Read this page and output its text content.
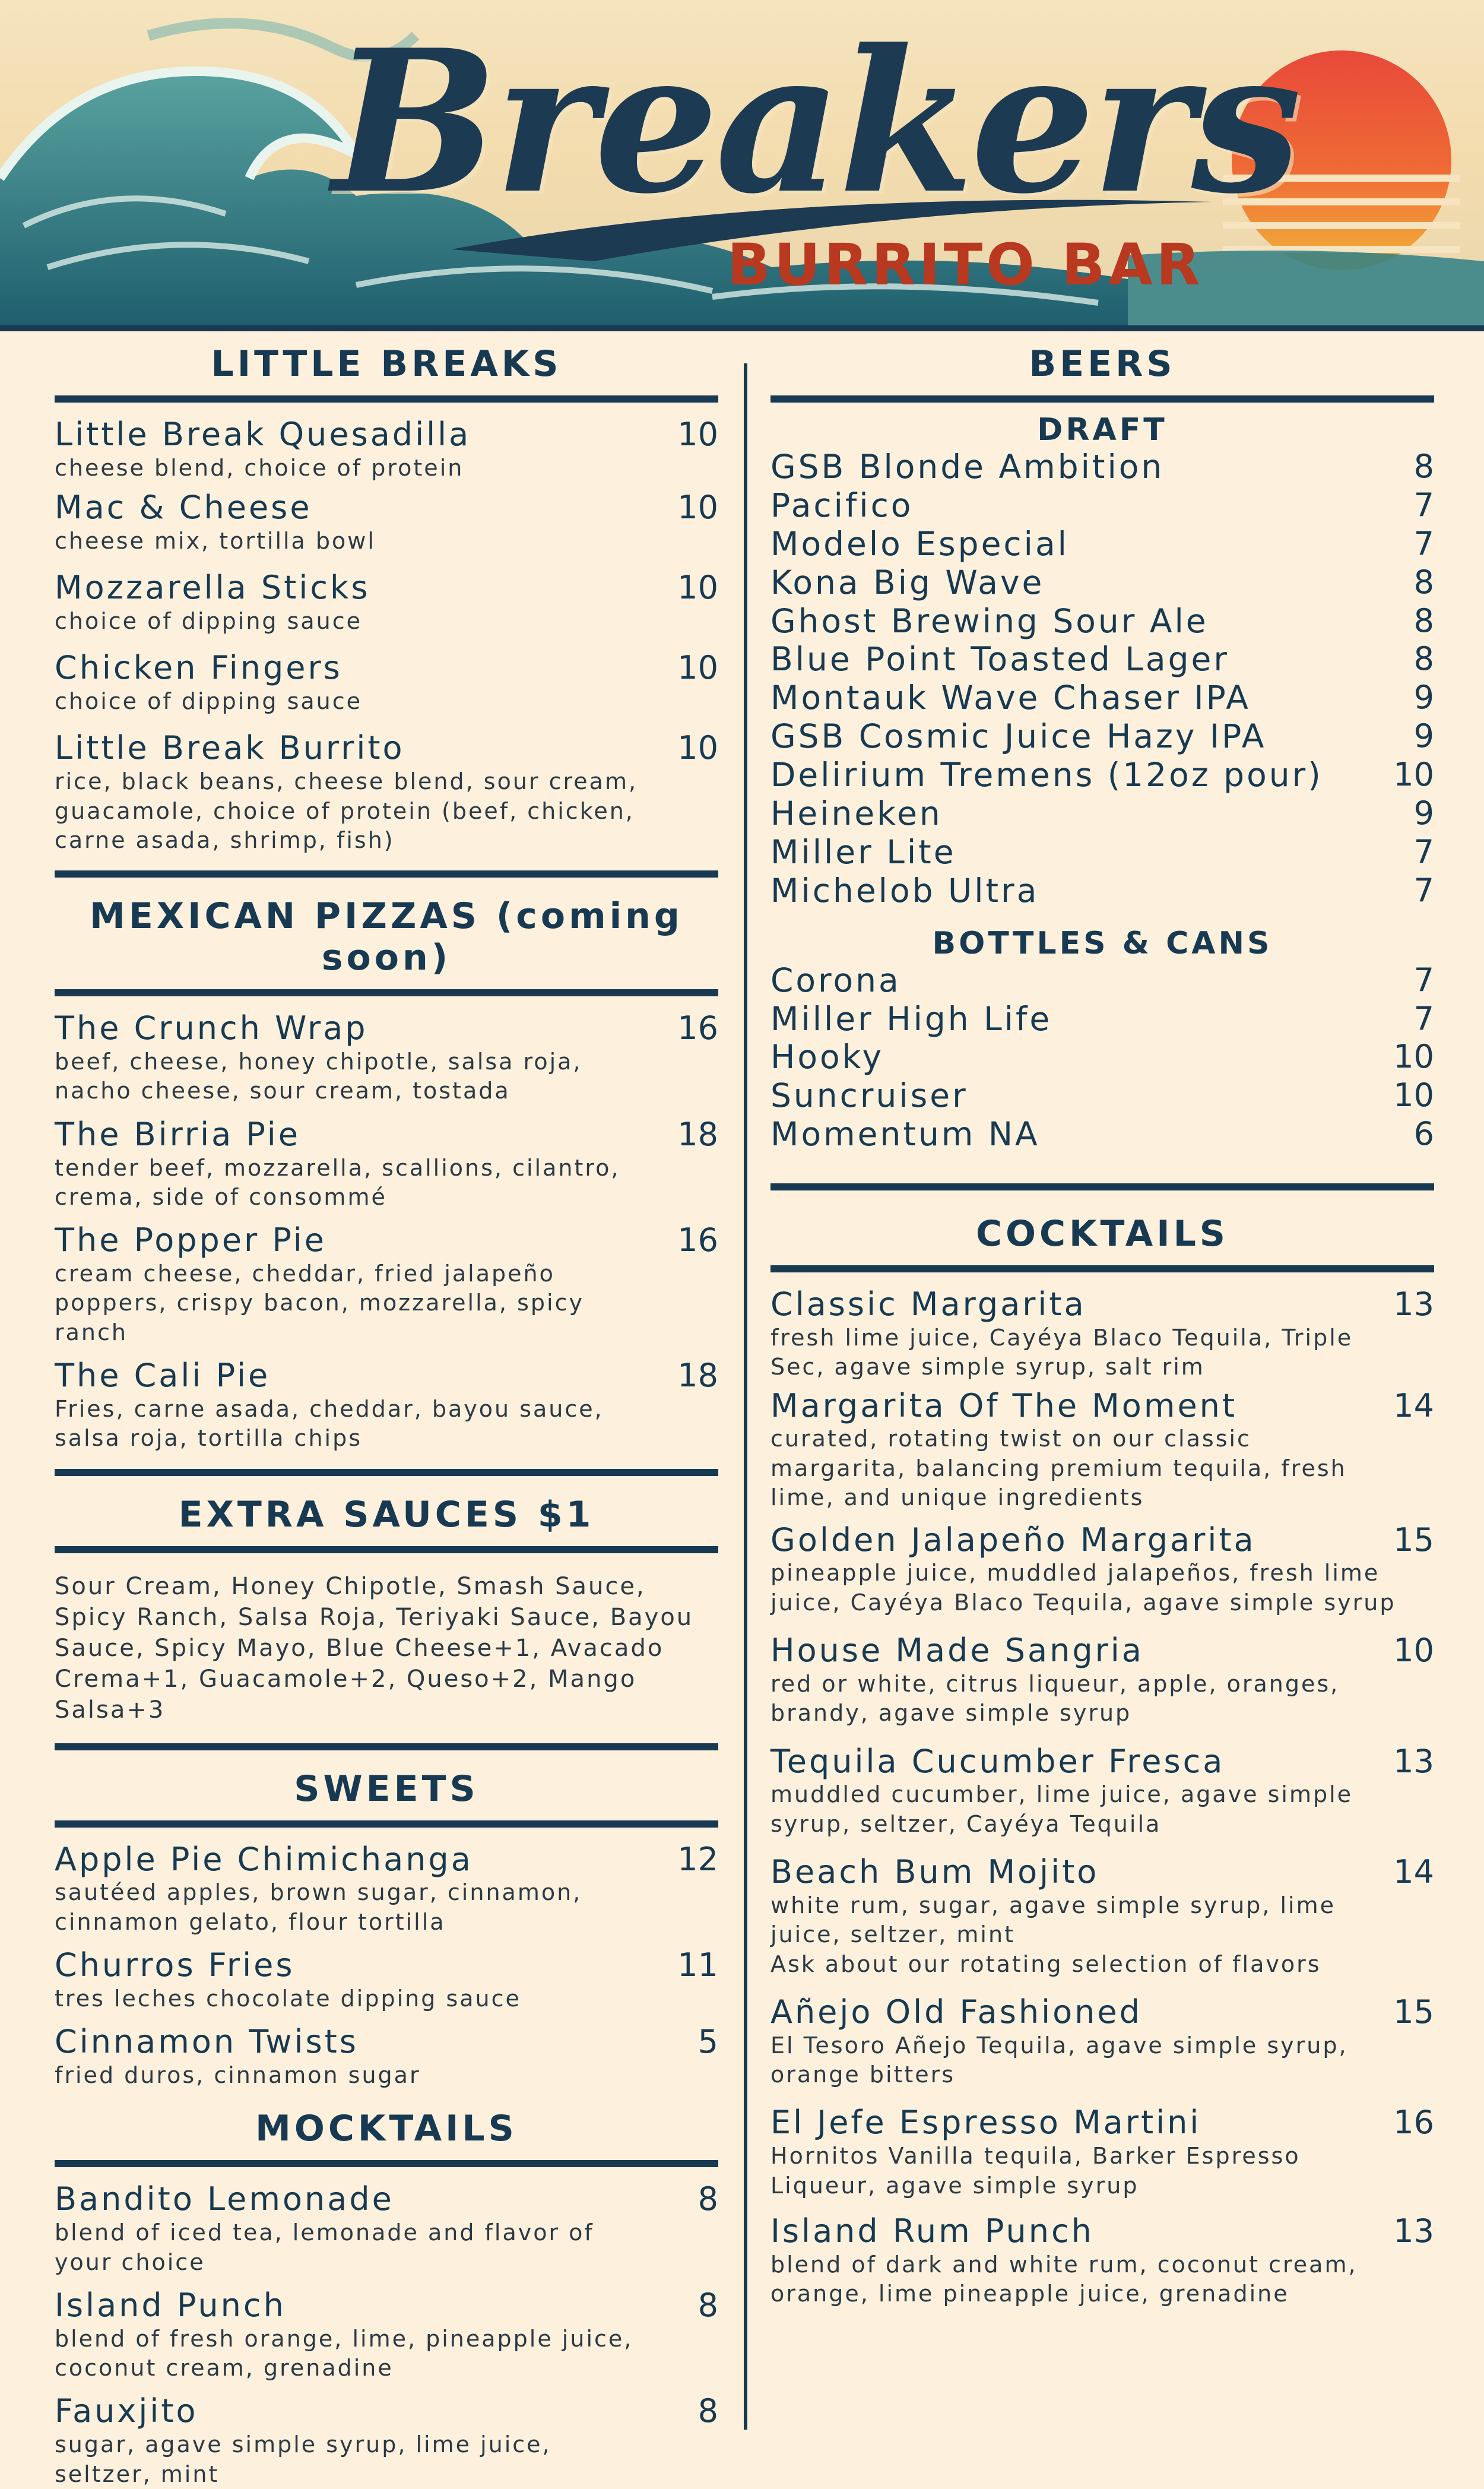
Breakers
BURRITO BAR
LITTLE BREAKS
Little Break Quesadilla	10
cheese blend, choice of protein
Mac & Cheese	10
cheese mix, tortilla bowl
Mozzarella Sticks	10
choice of dipping sauce
Chicken Fingers	10
choice of dipping sauce
Little Break Burrito	10
rice, black beans, cheese blend, sour cream, guacamole, choice of protein (beef, chicken, carne asada, shrimp, fish)
MEXICAN PIZZAS (coming soon)
The Crunch Wrap	16
beef, cheese, honey chipotle, salsa roja, nacho cheese, sour cream, tostada
The Birria Pie	18
tender beef, mozzarella, scallions, cilantro, crema, side of consommé
The Popper Pie	16
cream cheese, cheddar, fried jalapeño poppers, crispy bacon, mozzarella, spicy ranch
The Cali Pie	18
Fries, carne asada, cheddar, bayou sauce, salsa roja, tortilla chips
EXTRA SAUCES $1
Sour Cream, Honey Chipotle, Smash Sauce, Spicy Ranch, Salsa Roja, Teriyaki Sauce, Bayou Sauce, Spicy Mayo, Blue Cheese+1, Avacado Crema+1, Guacamole+2, Queso+2, Mango Salsa+3
SWEETS
Apple Pie Chimichanga	12
sautéed apples, brown sugar, cinnamon, cinnamon gelato, flour tortilla
Churros Fries	11
tres leches chocolate dipping sauce
Cinnamon Twists	5
fried duros, cinnamon sugar
MOCKTAILS
Bandito Lemonade	8
blend of iced tea, lemonade and flavor of your choice
Island Punch	8
blend of fresh orange, lime, pineapple juice, coconut cream, grenadine
Fauxjito	8
sugar, agave simple syrup, lime juice, seltzer, mint
BEERS
DRAFT
GSB Blonde Ambition	8
Pacifico	7
Modelo Especial	7
Kona Big Wave	8
Ghost Brewing Sour Ale	8
Blue Point Toasted Lager	8
Montauk Wave Chaser IPA	9
GSB Cosmic Juice Hazy IPA	9
Delirium Tremens (12oz pour) 10
Heineken	9
Miller Lite	7
Michelob Ultra	7
BOTTLES & CANS
Corona	7
Miller High Life	7
Hooky	10
Suncruiser	10
Momentum NA	6
COCKTAILS
Classic Margarita	13
fresh lime juice, Cayéya Blaco Tequila, Triple Sec, agave simple syrup, salt rim
Margarita Of The Moment	14
curated, rotating twist on our classic margarita, balancing premium tequila, fresh lime, and unique ingredients
Golden Jalapeño Margarita	15
pineapple juice, muddled jalapeños, fresh lime juice, Cayéya Blaco Tequila, agave simple syrup
House Made Sangria	10
red or white, citrus liqueur, apple, oranges, brandy, agave simple syrup
Tequila Cucumber Fresca	13
muddled cucumber, lime juice, agave simple syrup, seltzer, Cayéya Tequila
Beach Bum Mojito	14
white rum, sugar, agave simple syrup, lime juice, seltzer, mint
Ask about our rotating selection of flavors
Añejo Old Fashioned	15
El Tesoro Añejo Tequila, agave simple syrup, orange bitters
El Jefe Espresso Martini	16
Hornitos Vanilla tequila, Barker Espresso Liqueur, agave simple syrup
Island Rum Punch	13
blend of dark and white rum, coconut cream, orange, lime pineapple juice, grenadine
